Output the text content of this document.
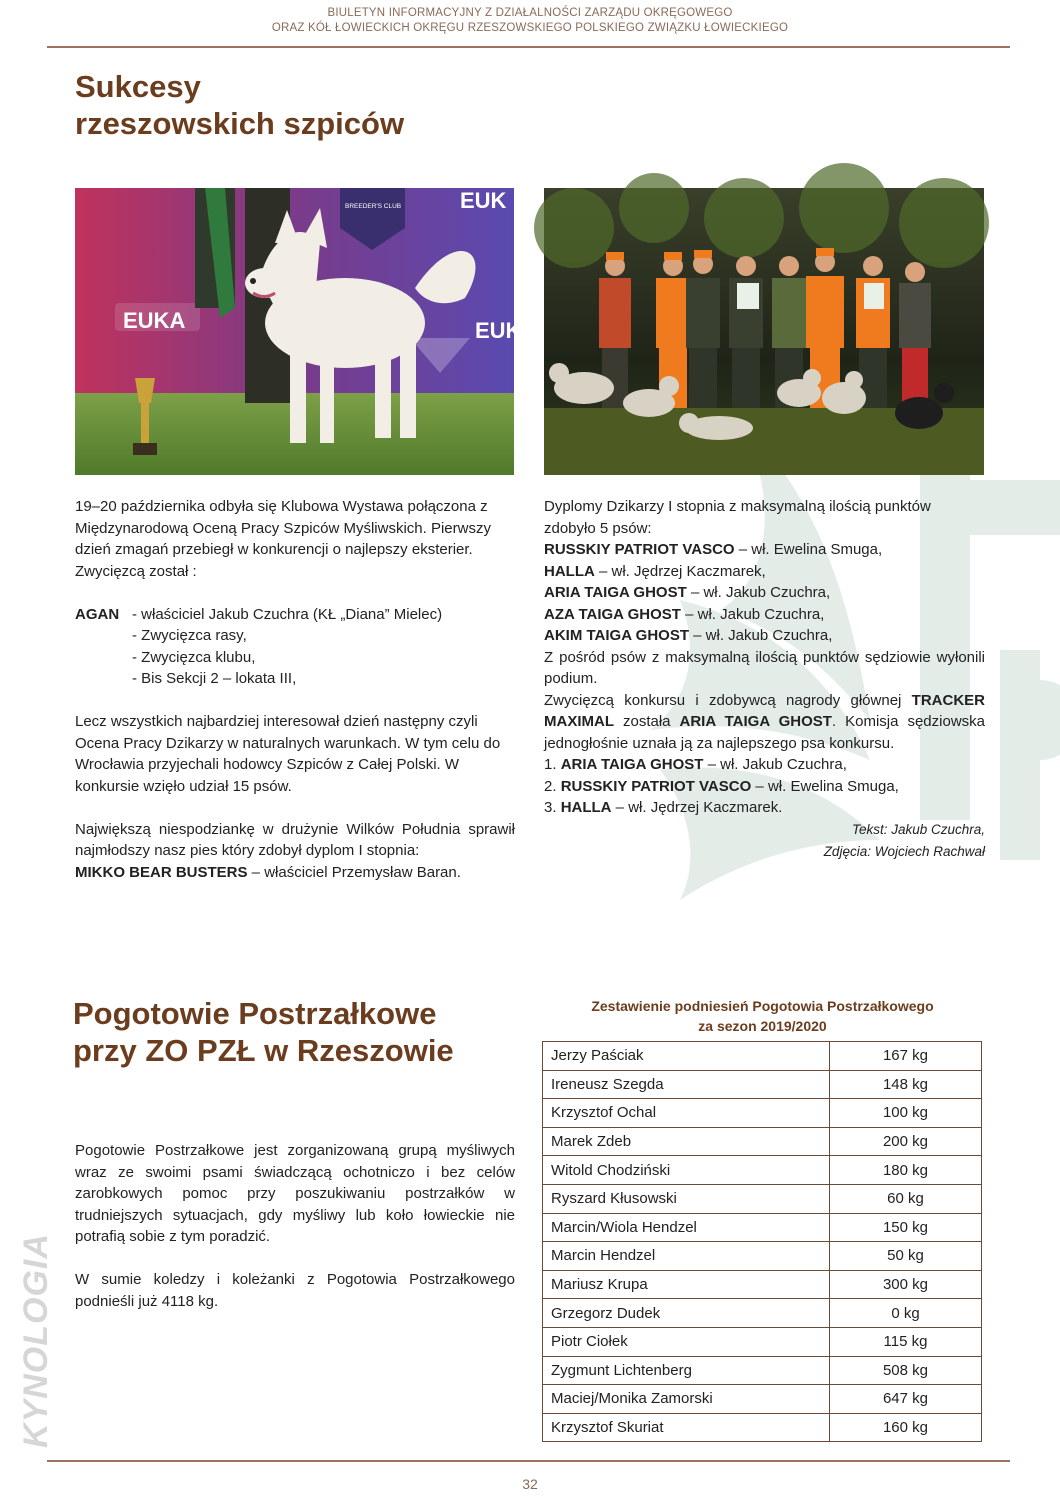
BIULETYN INFORMACYJNY Z DZIAŁALNOŚCI ZARZĄDU OKRĘGOWEGO
ORAZ KÓŁ ŁOWIECKICH OKRĘGU RZESZOWSKIEGO POLSKIEGO ZWIĄZKU ŁOWIECKIEGO
Sukcesy
rzeszowskich szpiców
EUKA
EUK
EUK
BREEDER'S CLUB

19–20 października odbyła się Klubowa Wystawa połączona z Międzynarodową Oceną Pracy Szpiców Myśliwskich. Pierwszy dzień zmagań przebiegł w konkurencji o najlepszy eksterier. Zwycięzcą został :

AGAN - właściciel Jakub Czuchra (KŁ „Diana” Mielec)

- Zwycięzca rasy,

- Zwycięzca klubu,

- Bis Sekcji 2 – lokata III,

Lecz wszystkich najbardziej interesował dzień następny czyli Ocena Pracy Dzikarzy w naturalnych warunkach. W tym celu do Wrocławia przyjechali hodowcy Szpiców z Całej Polski. W konkursie wzięło udział 15 psów.

Największą niespodziankę w drużynie Wilków Południa sprawił najmłodszy nasz pies który zdobył dyplom I stopnia:

MIKKO BEAR BUSTERS – właściciel Przemysław Baran.

Dyplomy Dzikarzy I stopnia z maksymalną ilością punktów zdobyło 5 psów:

RUSSKIY PATRIOT VASCO – wł. Ewelina Smuga,

HALLA – wł. Jędrzej Kaczmarek,

ARIA TAIGA GHOST – wł. Jakub Czuchra,

AZA TAIGA GHOST – wł. Jakub Czuchra,

AKIM TAIGA GHOST – wł. Jakub Czuchra,

Z pośród psów z maksymalną ilością punktów sędziowie wyłonili podium.

Zwycięzcą konkursu i zdobywcą nagrody głównej TRACKER MAXIMAL została ARIA TAIGA GHOST. Komisja sędziowska jednogłośnie uznała ją za najlepszego psa konkursu.

1. ARIA TAIGA GHOST – wł. Jakub Czuchra,

2. RUSSKIY PATRIOT VASCO – wł. Ewelina Smuga,

3. HALLA – wł. Jędrzej Kaczmarek.

Tekst: Jakub Czuchra,

Zdjęcia: Wojciech Rachwał

Pogotowie Postrzałkowe
przy ZO PZŁ w Rzeszowie

Pogotowie Postrzałkowe jest zorganizowaną grupą myśliwych wraz ze swoimi psami świadczącą ochotniczo i bez celów zarobkowych pomoc przy poszukiwaniu postrzałków w trudniejszych sytuacjach, gdy myśliwy lub koło łowieckie nie potrafią sobie z tym poradzić.

W sumie koledzy i koleżanki z Pogotowia Postrzałkowego podnieśli już 4118 kg.

Zestawienie podniesień Pogotowia Postrzałkowego
za sezon 2019/2020
Jerzy Paściak	167 kg
Ireneusz Szegda	148 kg
Krzysztof Ochal	100 kg
Marek Zdeb	200 kg
Witold Chodziński	180 kg
Ryszard Kłusowski	60 kg
Marcin/Wiola Hendzel	150 kg
Marcin Hendzel	50 kg
Mariusz Krupa	300 kg
Grzegorz Dudek	0 kg
Piotr Ciołek	115 kg
Zygmunt Lichtenberg	508 kg
Maciej/Monika Zamorski	647 kg
Krzysztof Skuriat	160 kg
KYNOLOGIA
32
